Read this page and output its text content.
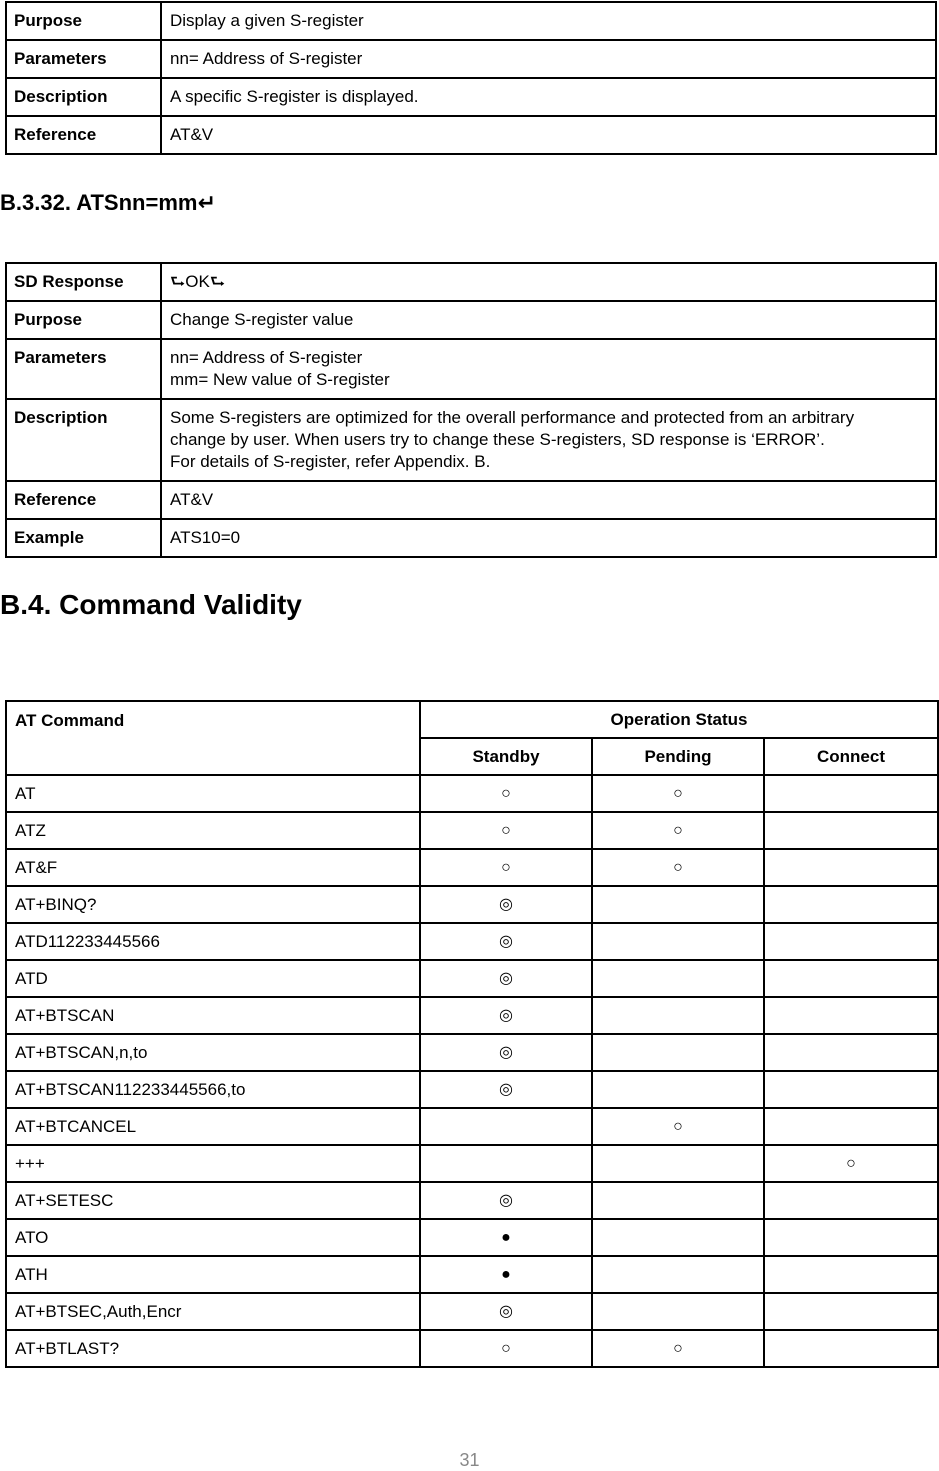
Purpose	Display a given S-register

Parameters	nn= Address of S-register

Description	A specific S-register is displayed.

Reference	AT&V
B.3.32. ATSnn=mm↵
SD Response	⮑OK⮑

Purpose	Change S-register value

Parameters	nn= Address of S-register
mm= New value of S-register

Description	Some S-registers are optimized for the overall performance and protected from an arbitrary
change by user. When users try to change these S-registers, SD response is ‘ERROR’.
For details of S-register, refer Appendix. B.

Reference	AT&V

Example	ATS10=0
B.4. Command Validity
AT Command	Operation Status		
	Standby	Pending	Connect
AT	○	○	
ATZ	○	○	
AT&F	○	○	
AT+BINQ?	◎		
ATD112233445566	◎		
ATD	◎		
AT+BTSCAN	◎		
AT+BTSCAN,n,to	◎		
AT+BTSCAN112233445566,to	◎		
AT+BTCANCEL		○	
+++			○
AT+SETESC	◎		
ATO	●		
ATH	●		
AT+BTSEC,Auth,Encr	◎		
AT+BTLAST?	○	○	
31
